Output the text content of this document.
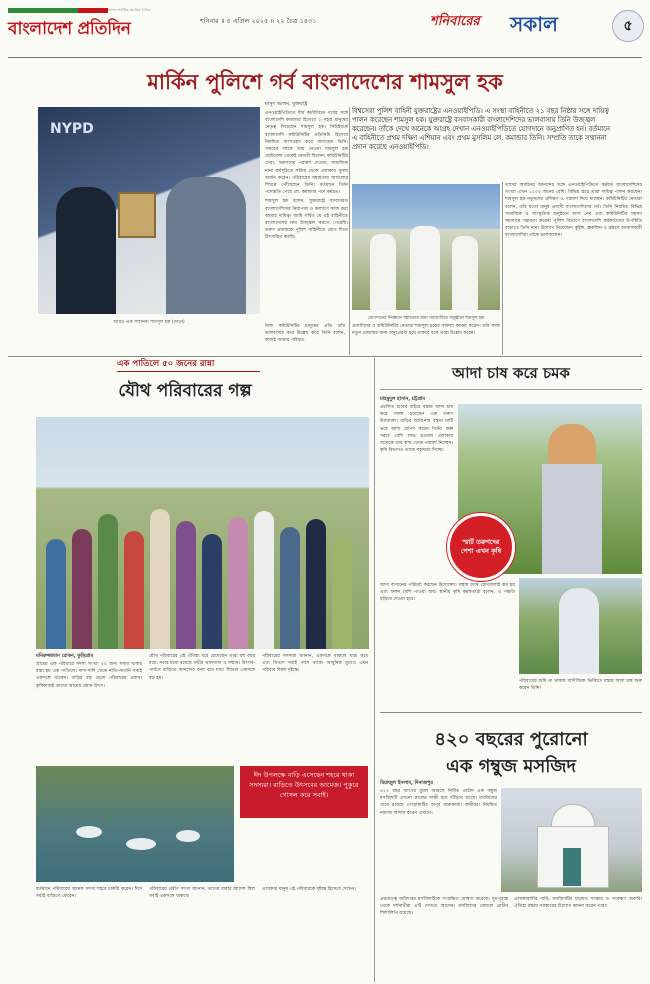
দেশের সর্বাধিক প্রচারিত দৈনিক
বাংলাদেশ প্রতিদিন	শনিবার ॥ ৫ এপ্রিল ২০২৫ ॥ ২২ চৈত্র ১৪৩১	শনিবারের সকাল	৫
মার্কিন পুলিশে গর্ব বাংলাদেশের শামসুল হক
NYPD
আরও এক সম্মাননা শামসুল হক (ডানে)
মাসুদ আলম, যুক্তরাষ্ট্র

এনওয়াইপিডিতে দীর্ঘ কর্মজীবনে গর্বের সঙ্গে বাংলাদেশি কমান্ডার হিসেবে ২ সহস্র মানুষের নেতৃত্ব দিয়েছেন শামসুল হক। নিউইয়র্কে বাংলাদেশি কমিউনিটির প্রতিনিধি হিসেবে নিয়মিত অংশগ্রহণ করে আসছেন তিনি। সত্তরের দশকে জন্ম নেওয়া শামসুল হক ছোটবেলা থেকেই মেধাবী ছিলেন। কমিউনিটির সেবা, তরুণদের পরামর্শ দেওয়া, সামাজিক নানা কর্মসূচিতে সক্রিয় থেকে এলাকায় সুনাম অর্জন করেন। পরিবারের সহায়তায় সাফল্যের শিখরে পৌঁছেছেন তিনি। বর্তমানে তিনি পদোন্নতি পেয়ে লে. কমান্ডার পদে কর্মরত।

শামসুল হক বলেন, যুক্তরাষ্ট্রে বসবাসরত বাংলাদেশিদের নিরাপত্তা ও কল্যাণে কাজ করা আমার দায়িত্ব। আমি গর্বিত যে এই বাহিনীতে বাংলাদেশের নাম উজ্জ্বল করতে পেরেছি। তরুণ প্রজন্মকে পুলিশ বাহিনীতে যোগ দিতে উৎসাহিত করছি।

বিশ্বসেরা পুলিশ বাহিনী যুক্তরাষ্ট্রের এনওয়াইপিডি। এ সংস্থা বাহিনীতে ২১ বছর নিষ্ঠার সঙ্গে দায়িত্ব পালন করেছেন শামসুল হক। যুক্তরাষ্ট্রে বসবাসকারী বাংলাদেশিদের ভালবাসায় তিনি উজ্জ্বল করেছেন। তাঁকে দেখে অনেকে আগ্রহ দেখান এনওয়াইপিডিতে যোগদানে অনুপ্রাণিত হন। বর্তমানে এ বাহিনীতে প্রথম দক্ষিণ এশিয়ান এবং প্রথম মুসলিম লে. কমান্ডার তিনি। সম্প্রতি তাকে সম্মাননা প্রদান করেছে এনওয়াইপিডি।
যোগদানের নিবন্ধনে সহায়তার জন্য আয়োজিত অনুষ্ঠানে শামসুল হক
তাদের অর্জনের আনন্দের সঙ্গে এনওয়াইপিডিতে কর্মরত বাংলাদেশিদের সংখ্যা এখন ১২০০ জনের বেশি। বিভিন্ন স্তরে তারা দায়িত্ব পালন করছেন। শামসুল হক নতুনদের প্রশিক্ষণ ও পরামর্শ দিয়ে যাচ্ছেন। কমিউনিটির নেতারা বলেন, তাঁর মতো মানুষ প্রবাসী বাংলাদেশিদের গর্ব। তিনি নিয়মিত বিভিন্ন সামাজিক ও সাংস্কৃতিক অনুষ্ঠানে অংশ নেন এবং কমিউনিটির সমস্যা সমাধানে সহায়তা করেন। পুলিশ বিভাগে বাংলাদেশি কর্মকর্তাদের উপস্থিতি বাড়াতে তিনি নানা উদ্যোগ নিয়েছেন। কুইন্স, ব্রুকলিন ও ব্রঙ্কসে বসবাসকারী বাংলাদেশিরা তাঁকে ভালবাসেন।
নিজ কমিউনিটির মানুষের প্রতি তাঁর ভালবাসার কথা উল্লেখ করে তিনি বলেন, কাজই আমার পরিচয়।
প্রবাসীদের ও কমিউনিটির নেতারা শামসুল হকের সাফল্য কামনা করেন। তাঁর কাজ নতুন প্রজন্মের জন্য অনুপ্রেরণা হয়ে থাকবে বলে তারা উল্লেখ করেন।
এক পাতিলে ৫০ জনের রান্না
যৌথ পরিবারের গল্প
গ্রামের এক পরিবারে সদস্য সংখ্যা ৫০ জন। সবার খাবার রান্না হয় এক পাতিলে। দাদা-দাদি থেকে নাতি-নাতনি সবাই একসঙ্গে থাকেন। বাড়ির বড় ছেলে পরিবারের প্রধান। কৃষিকাজই তাদের আয়ের প্রধান উৎস।
যৌথ পরিবারের এই ঐতিহ্য ধরে রেখেছেন তারা বহু বছর ধরে। সবার মধ্যে রয়েছে গভীর ভালবাসা ও সম্মান। উৎসব-পার্বণে বাড়িতে আনন্দের বন্যা বয়ে যায়। শিশুরা একসঙ্গে বড় হয়।
পরিবারের সদস্যরা জানান, একসঙ্গে থাকলে খরচ কমে এবং বিপদে সবাই পাশে থাকে। আধুনিক যুগেও এমন পরিবার বিরল দৃষ্টান্ত।
মনিরুজ্জামান রোকন, কুড়িগ্রাম
ঈদ উপলক্ষে বাড়ি এসেছেন শহরে থাকা সদস্যরা। বাড়িতে উৎসবের আমেজ। পুকুরে গোসল করে সবাই।
বর্তমানে পরিবারের অনেক সদস্য শহরে চাকরি করেন। ঈদে সবাই বাড়িতে ফেরেন।
পরিবারের প্রবীণ সদস্য জানান, তাদের বাবার আদেশ ছিল সবাই একসঙ্গে থাকবে।
এলাকার মানুষ এই পরিবারকে দৃষ্টান্ত হিসেবে দেখেন।
আদা চাষ করে চমক
মাহমুদুল হাসান, চট্টগ্রাম
প্রচলিত চাষের বাইরে বস্তায় আদা চাষ করে সফল হয়েছেন এক তরুণ উদ্যোক্তা। বাড়ির আঙিনায় বস্তায় মাটি ভরে আদা রোপণ করেন তিনি। অল্প খরচে বেশি লাভ হওয়ায় এলাকার অনেকে তার কাছ থেকে পরামর্শ নিচ্ছেন। কৃষি বিভাগও তাকে সহায়তা দিচ্ছে।
স্মার্ট তরুণদের পেশা এখন কৃষি
আদা বাগানের পরিচর্যা করছেন উদ্যোক্তা। বস্তায় চাষে রোগবালাই কম হয় এবং ফলন বেশি পাওয়া যায়। স্থানীয় কৃষি কর্মকর্তারা বলেন, এ পদ্ধতি ছড়িয়ে দেওয়া হবে।
পরিবারের জমি না থাকায় বাণিজ্যিক ভিত্তিতে বস্তায় আদা চাষ শুরু করেন তিনি।
৪২০ বছরের পুরোনো
এক গম্বুজ মসজিদ
রিয়াজুল ইসলাম, দিনাজপুর
৪২০ বছর আগের মুঘল আমলে নির্মিত প্রাচীন এক গম্বুজ মসজিদটি এখনো কালের সাক্ষী হয়ে দাঁড়িয়ে আছে। মসজিদের গায়ে রয়েছে পোড়ামাটির অপূর্ব কারুকাজ। স্থানীয়রা নিয়মিত নামাজ আদায় করেন এখানে।
প্রত্নতত্ত্ব অধিদপ্তর মসজিদটিকে সংরক্ষিত ঘোষণা করেছে। দূর-দূরান্ত থেকে দর্শনার্থীরা এটি দেখতে আসেন। মসজিদের দেয়ালে প্রাচীন শিলালিপি রয়েছে।
এলাকাবাসীর দাবি, মসজিদটির যথাযথ সংস্কার ও সংরক্ষণ জরুরি। ঐতিহ্য রক্ষায় সরকারের উদ্যোগ কামনা করেন তারা।
